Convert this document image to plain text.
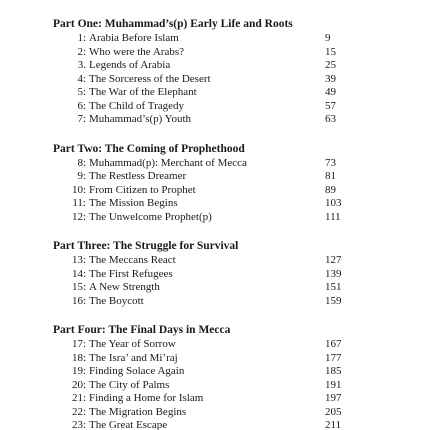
Part One: Muhammad’s(p) Early Life and Roots
1: Arabia Before Islam	9
2: Who were the Arabs?	15
3. Legends of Arabia	25
4: The Sorceress of the Desert	39
5: The War of the Elephant	49
6: The Child of Tragedy	57
7: Muhammad’s(p) Youth	63
Part Two: The Coming of Prophethood
8: Muhammad(p): Merchant of Mecca	73
9: The Restless Dreamer	81
10: From Citizen to Prophet	89
11: The Mission Begins	103
12: The Unwelcome Prophet(p)	111
Part Three: The Struggle for Survival
13: The Meccans React	127
14: The First Refugees	139
15: A New Strength	151
16: The Boycott	159
Part Four: The Final Days in Mecca
17: The Year of Sorrow	167
18: The Isra’ and Mi’raj	177
19: Finding Solace Again	185
20: The City of Palms	191
21: Finding a Home for Islam	197
22: The Migration Begins	205
23: The Great Escape	211
